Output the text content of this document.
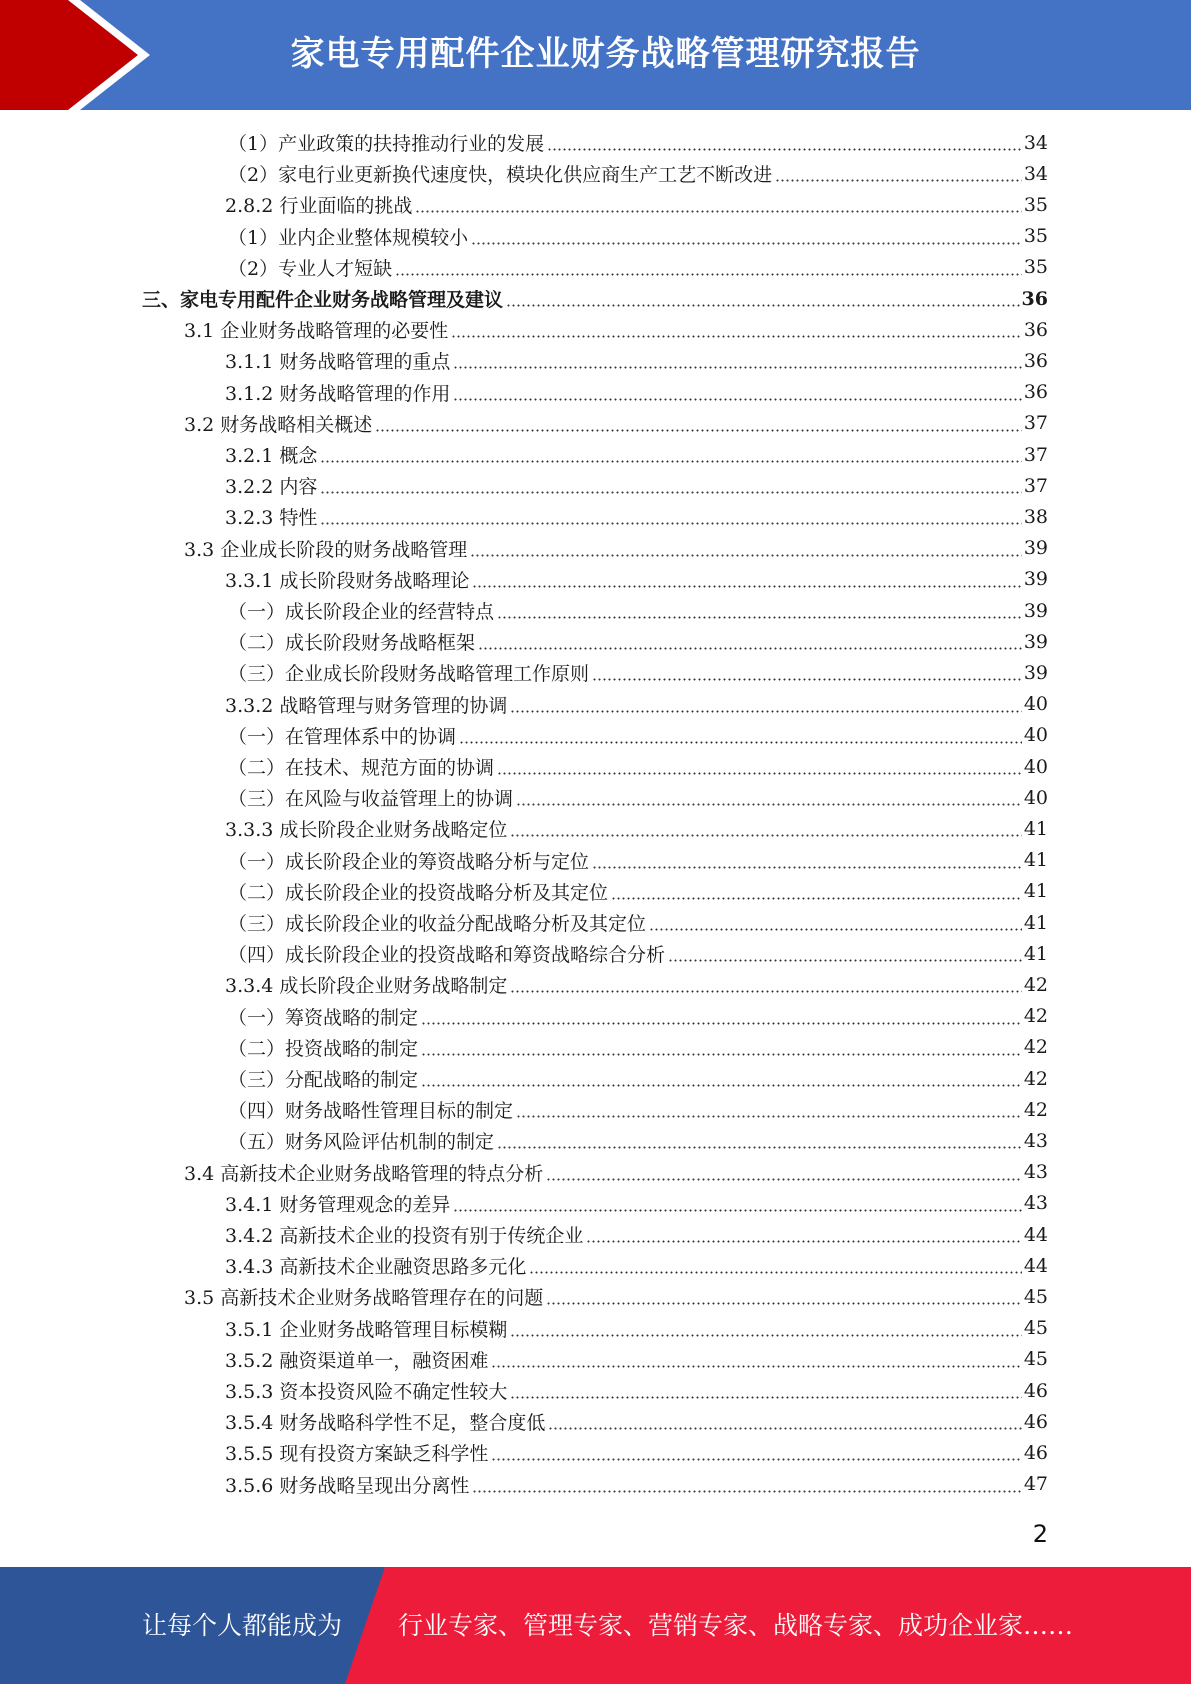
家电专用配件企业财务战略管理研究报告
（1）产业政策的扶持推动行业的发展	34
（2）家电行业更新换代速度快，模块化供应商生产工艺不断改进	34
2.8.2 行业面临的挑战	35
（1）业内企业整体规模较小	35
（2）专业人才短缺	35
三、家电专用配件企业财务战略管理及建议	36
3.1 企业财务战略管理的必要性	36
3.1.1 财务战略管理的重点	36
3.1.2 财务战略管理的作用	36
3.2 财务战略相关概述	37
3.2.1 概念	37
3.2.2 内容	37
3.2.3 特性	38
3.3 企业成长阶段的财务战略管理	39
3.3.1 成长阶段财务战略理论	39
（一）成长阶段企业的经营特点	39
（二）成长阶段财务战略框架	39
（三）企业成长阶段财务战略管理工作原则	39
3.3.2 战略管理与财务管理的协调	40
（一）在管理体系中的协调	40
（二）在技术、规范方面的协调	40
（三）在风险与收益管理上的协调	40
3.3.3 成长阶段企业财务战略定位	41
（一）成长阶段企业的筹资战略分析与定位	41
（二）成长阶段企业的投资战略分析及其定位	41
（三）成长阶段企业的收益分配战略分析及其定位	41
（四）成长阶段企业的投资战略和筹资战略综合分析	41
3.3.4 成长阶段企业财务战略制定	42
（一）筹资战略的制定	42
（二）投资战略的制定	42
（三）分配战略的制定	42
（四）财务战略性管理目标的制定	42
（五）财务风险评估机制的制定	43
3.4 高新技术企业财务战略管理的特点分析	43
3.4.1 财务管理观念的差异	43
3.4.2 高新技术企业的投资有别于传统企业	44
3.4.3 高新技术企业融资思路多元化	44
3.5 高新技术企业财务战略管理存在的问题	45
3.5.1 企业财务战略管理目标模糊	45
3.5.2 融资渠道单一，融资困难	45
3.5.3 资本投资风险不确定性较大	46
3.5.4 财务战略科学性不足，整合度低	46
3.5.5 现有投资方案缺乏科学性	46
3.5.6 财务战略呈现出分离性	47
2
让每个人都能成为 行业专家、管理专家、营销专家、战略专家、成功企业家……
